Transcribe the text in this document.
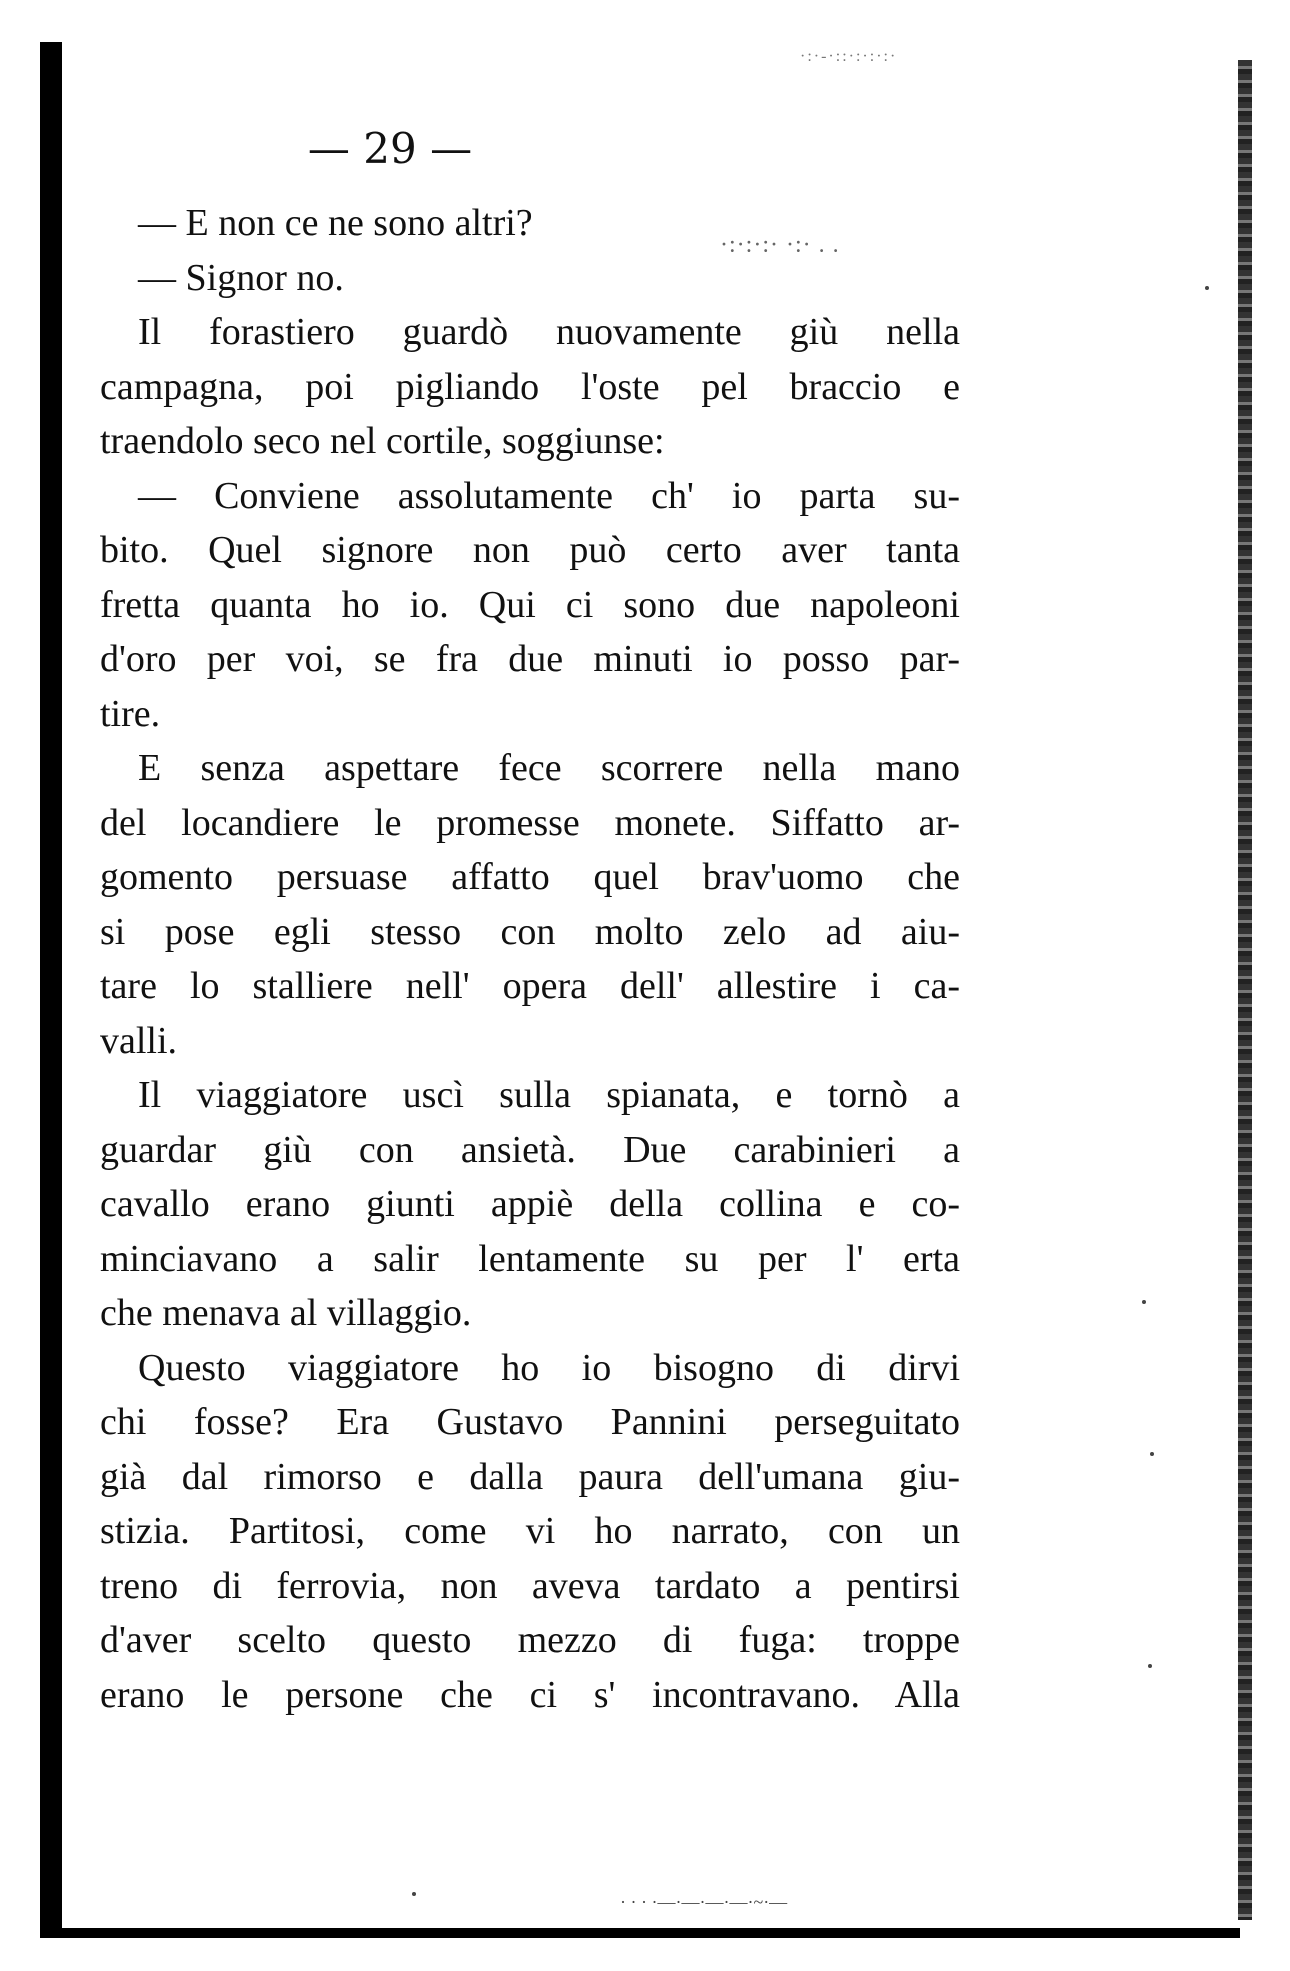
·:·-·::·:·:·:·
·:·:·:· ·:· . .
· · · ·—·—·—·—·~·—
— 29 —

— E non ce ne sono altri?

— Signor no.

Il forastiero guardò nuovamente giù nella
campagna, poi pigliando l'oste pel braccio e
traendolo seco nel cortile, soggiunse:

— Conviene assolutamente ch' io parta su-
bito. Quel signore non può certo aver tanta
fretta quanta ho io. Qui ci sono due napoleoni
d'oro per voi, se fra due minuti io posso par-
tire.

E senza aspettare fece scorrere nella mano
del locandiere le promesse monete. Siffatto ar-
gomento persuase affatto quel brav'uomo che
si pose egli stesso con molto zelo ad aiu-
tare lo stalliere nell' opera dell' allestire i ca-
valli.

Il viaggiatore uscì sulla spianata, e tornò a
guardar giù con ansietà. Due carabinieri a
cavallo erano giunti appiè della collina e co-
minciavano a salir lentamente su per l' erta
che menava al villaggio.

Questo viaggiatore ho io bisogno di dirvi
chi fosse? Era Gustavo Pannini perseguitato
già dal rimorso e dalla paura dell'umana giu-
stizia. Partitosi, come vi ho narrato, con un
treno di ferrovia, non aveva tardato a pentirsi
d'aver scelto questo mezzo di fuga: troppe
erano le persone che ci s' incontravano. Alla
